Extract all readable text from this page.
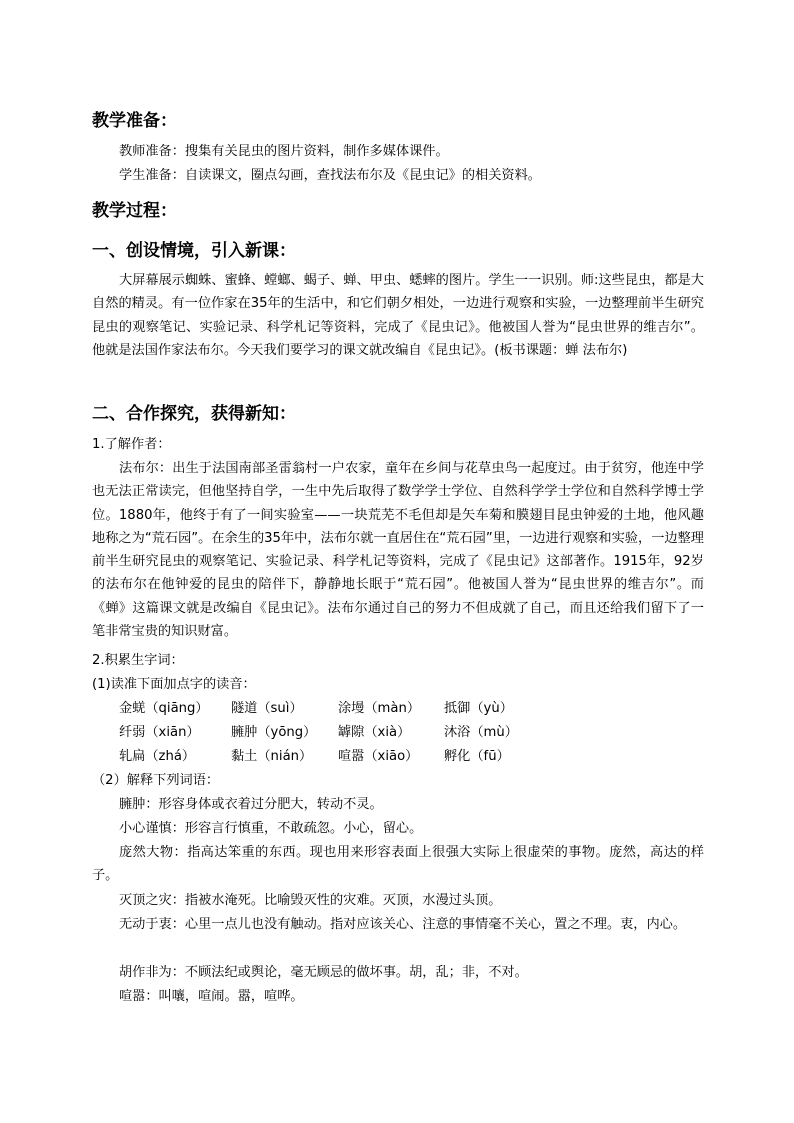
教学准备：
教师准备：搜集有关昆虫的图片资料，制作多媒体课件。
学生准备：自读课文，圈点勾画，查找法布尔及《昆虫记》的相关资料。
教学过程：
一、创设情境，引入新课：

大屏幕展示蜘蛛、蜜蜂、螳螂、蝎子、蝉、甲虫、蟋蟀的图片。学生一一识别。师:这些昆虫，都是大自然的精灵。有一位作家在35年的生活中，和它们朝夕相处，一边进行观察和实验，一边整理前半生研究昆虫的观察笔记、实验记录、科学札记等资料，完成了《昆虫记》。他被国人誉为“昆虫世界的维吉尔”。他就是法国作家法布尔。今天我们要学习的课文就改编自《昆虫记》。(板书课题：蝉 法布尔)

二、合作探究，获得新知：
1.了解作者：

法布尔：出生于法国南部圣雷翁村一户农家，童年在乡间与花草虫鸟一起度过。由于贫穷，他连中学也无法正常读完，但他坚持自学，一生中先后取得了数学学士学位、自然科学学士学位和自然科学博士学位。1880年，他终于有了一间实验室——一块荒芜不毛但却是矢车菊和膜翅目昆虫钟爱的土地，他风趣地称之为“荒石园”。在余生的35年中，法布尔就一直居住在“荒石园”里，一边进行观察和实验，一边整理前半生研究昆虫的观察笔记、实验记录、科学札记等资料，完成了《昆虫记》这部著作。1915年，92岁的法布尔在他钟爱的昆虫的陪伴下，静静地长眠于“荒石园”。他被国人誉为“昆虫世界的维吉尔”。而《蝉》这篇课文就是改编自《昆虫记》。法布尔通过自己的努力不但成就了自己，而且还给我们留下了一笔非常宝贵的知识财富。

2.积累生字词：
(1)读准下面加点字的读音：
金蜣（qiāng） 隧道（suì）	涂墁（màn） 抵御（yù）
纤弱（xiān） 臃肿（yōng） 罅隙（xià）	沐浴（mù）
轧扁（zhá）	黏土（nián） 喧嚣（xiāo） 孵化（fū）
（2）解释下列词语：

臃肿：形容身体或衣着过分肥大，转动不灵。

小心谨慎：形容言行慎重，不敢疏忽。小心，留心。

庞然大物：指高达笨重的东西。现也用来形容表面上很强大实际上很虚荣的事物。庞然，高达的样子。

灭顶之灾：指被水淹死。比喻毁灭性的灾难。灭顶，水漫过头顶。

无动于衷：心里一点儿也没有触动。指对应该关心、注意的事情毫不关心，置之不理。衷，内心。

胡作非为：不顾法纪或舆论，毫无顾忌的做坏事。胡，乱；非，不对。

喧嚣：叫嚷，喧闹。嚣，喧哗。
